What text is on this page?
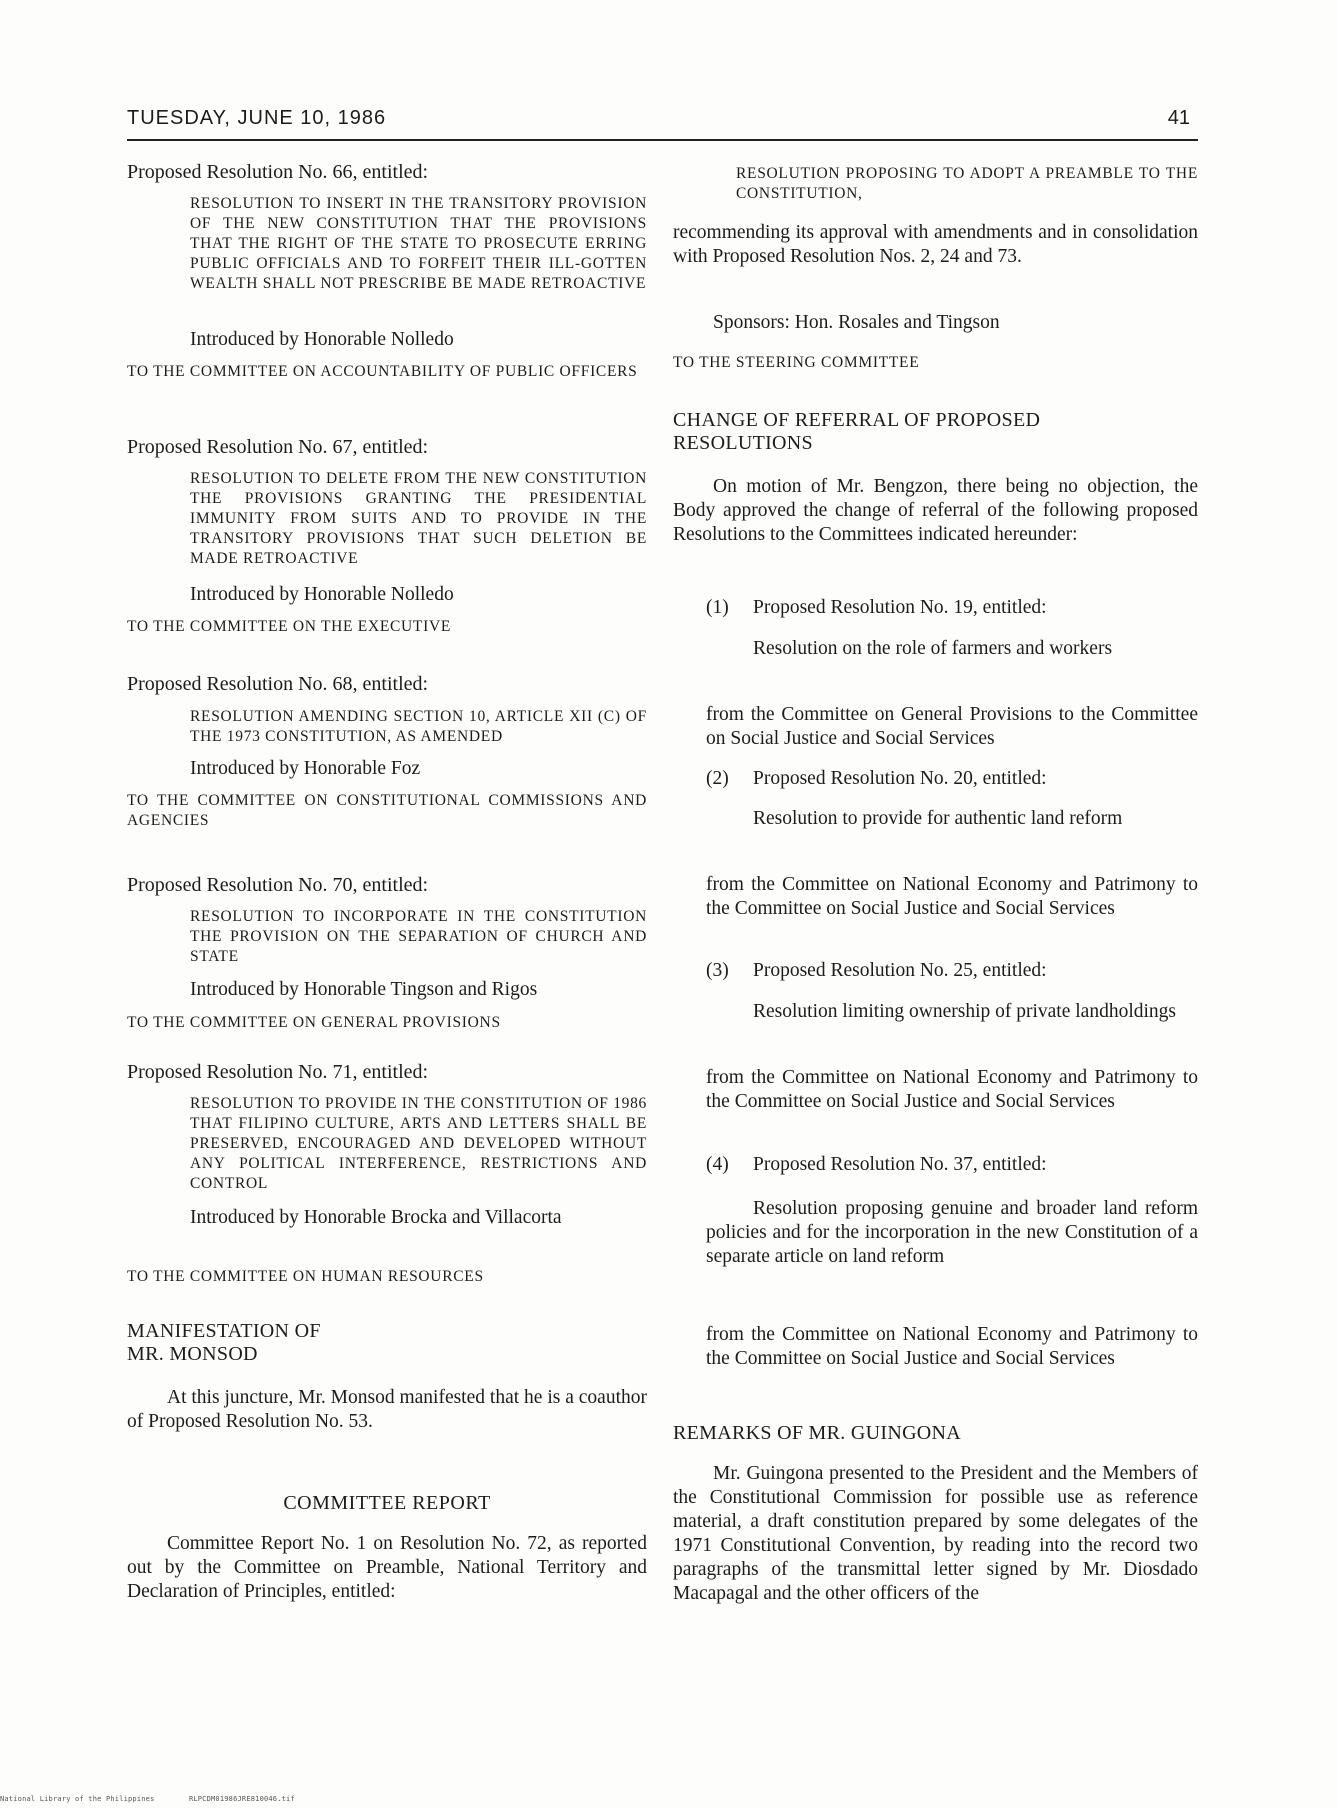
TUESDAY, JUNE 10, 1986	41
Proposed Resolution No. 66, entitled:
RESOLUTION TO INSERT IN THE TRANSITORY PROVISION OF THE NEW CONSTITUTION THAT THE PROVISIONS THAT THE RIGHT OF THE STATE TO PROSECUTE ERRING PUBLIC OFFICIALS AND TO FORFEIT THEIR ILL-GOTTEN WEALTH SHALL NOT PRESCRIBE BE MADE RETROACTIVE
Introduced by Honorable Nolledo
TO THE COMMITTEE ON ACCOUNTABILITY OF PUBLIC OFFICERS
Proposed Resolution No. 67, entitled:
RESOLUTION TO DELETE FROM THE NEW CONSTITUTION THE PROVISIONS GRANTING THE PRESIDENTIAL IMMUNITY FROM SUITS AND TO PROVIDE IN THE TRANSITORY PROVISIONS THAT SUCH DELETION BE MADE RETROACTIVE
Introduced by Honorable Nolledo
TO THE COMMITTEE ON THE EXECUTIVE
Proposed Resolution No. 68, entitled:
RESOLUTION AMENDING SECTION 10, ARTICLE XII (C) OF THE 1973 CONSTITUTION, AS AMENDED
Introduced by Honorable Foz
TO THE COMMITTEE ON CONSTITUTIONAL COMMISSIONS AND AGENCIES
Proposed Resolution No. 70, entitled:
RESOLUTION TO INCORPORATE IN THE CONSTITUTION THE PROVISION ON THE SEPARATION OF CHURCH AND STATE
Introduced by Honorable Tingson and Rigos
TO THE COMMITTEE ON GENERAL PROVISIONS
Proposed Resolution No. 71, entitled:
RESOLUTION TO PROVIDE IN THE CONSTITUTION OF 1986 THAT FILIPINO CULTURE, ARTS AND LETTERS SHALL BE PRESERVED, ENCOURAGED AND DEVELOPED WITHOUT ANY POLITICAL INTERFERENCE, RESTRICTIONS AND CONTROL
Introduced by Honorable Brocka and Villacorta
TO THE COMMITTEE ON HUMAN RESOURCES
MANIFESTATION OF
MR. MONSOD
At this juncture, Mr. Monsod manifested that he is a coauthor of Proposed Resolution No. 53.
COMMITTEE REPORT
Committee Report No. 1 on Resolution No. 72, as reported out by the Committee on Preamble, National Territory and Declaration of Principles, entitled:
RESOLUTION PROPOSING TO ADOPT A PREAMBLE TO THE CONSTITUTION,
recommending its approval with amendments and in consolidation with Proposed Resolution Nos. 2, 24 and 73.
Sponsors: Hon. Rosales and Tingson
TO THE STEERING COMMITTEE
CHANGE OF REFERRAL OF PROPOSED
RESOLUTIONS
On motion of Mr. Bengzon, there being no objection, the Body approved the change of referral of the following proposed Resolutions to the Committees indicated hereunder:
(1) Proposed Resolution No. 19, entitled:
Resolution on the role of farmers and workers
from the Committee on General Provisions to the Committee on Social Justice and Social Services
(2) Proposed Resolution No. 20, entitled:
Resolution to provide for authentic land reform
from the Committee on National Economy and Patrimony to the Committee on Social Justice and Social Services
(3) Proposed Resolution No. 25, entitled:
Resolution limiting ownership of private landholdings
from the Committee on National Economy and Patrimony to the Committee on Social Justice and Social Services
(4) Proposed Resolution No. 37, entitled:
Resolution proposing genuine and broader land reform policies and for the incorporation in the new Constitution of a separate article on land reform
from the Committee on National Economy and Patrimony to the Committee on Social Justice and Social Services
REMARKS OF MR. GUINGONA
Mr. Guingona presented to the President and the Members of the Constitutional Commission for possible use as reference material, a draft constitution prepared by some delegates of the 1971 Constitutional Convention, by reading into the record two paragraphs of the transmittal letter signed by Mr. Diosdado Macapagal and the other officers of the
National Library of the Philippines	RLPCDM01986JRE810046.tif
